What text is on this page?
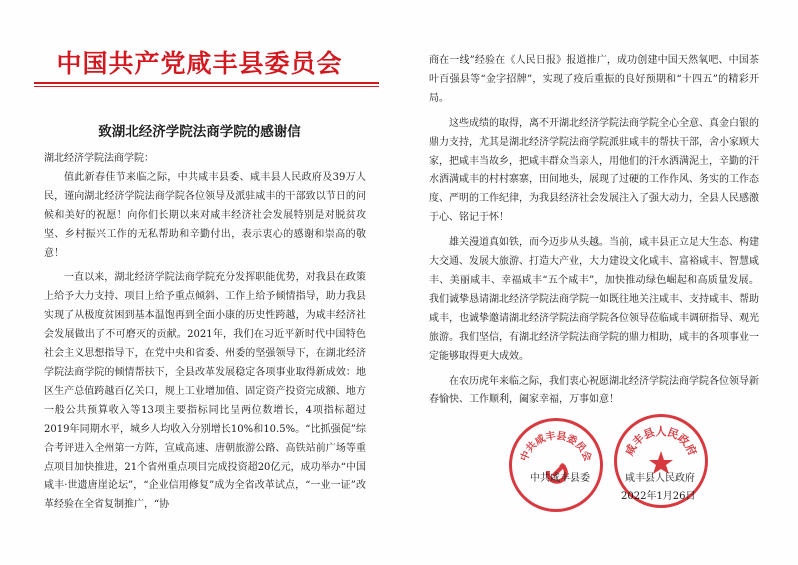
中国共产党咸丰县委员会
致湖北经济学院法商学院的感谢信

湖北经济学院法商学院：

值此新春佳节来临之际，中共咸丰县委、咸丰县人民政府及39万人民，谨向湖北经济学院法商学院各位领导及派驻咸丰的干部致以节日的问候和美好的祝愿！向你们长期以来对咸丰经济社会发展特别是对脱贫攻坚、乡村振兴工作的无私帮助和辛勤付出，表示衷心的感谢和崇高的敬意！

一直以来，湖北经济学院法商学院充分发挥职能优势，对我县在政策上给予大力支持、项目上给予重点倾斜、工作上给予倾情指导，助力我县实现了从极度贫困到基本温饱再到全面小康的历史性跨越，为咸丰经济社会发展做出了不可磨灭的贡献。2021年，我们在习近平新时代中国特色社会主义思想指导下，在党中央和省委、州委的坚强领导下，在湖北经济学院法商学院的倾情帮扶下，全县改革发展稳定各项事业取得新成效：地区生产总值跨越百亿关口，规上工业增加值、固定资产投资完成额、地方一般公共预算收入等13项主要指标同比呈两位数增长，4项指标超过2019年同期水平，城乡人均收入分别增长10%和10.5%。“比抓强促”综合考评进入全州第一方阵，宣咸高速、唐朝旅游公路、高铁站前广场等重点项目加快推进，21个省州重点项目完成投资超20亿元，成功举办“中国咸丰·世遗唐崖论坛”，“企业信用修复”成为全省改革试点，“一业一证”改革经验在全省复制推广，“协

商在一线”经验在《人民日报》报道推广，成功创建中国天然氧吧、中国茶叶百强县等“金字招牌”，实现了疫后重振的良好预期和“十四五”的精彩开局。

这些成绩的取得，离不开湖北经济学院法商学院全心全意、真金白银的鼎力支持，尤其是湖北经济学院法商学院派驻咸丰的帮扶干部，舍小家顾大家，把咸丰当故乡，把咸丰群众当亲人，用他们的汗水洒满泥土，辛勤的汗水洒满咸丰的村村寨寨，田间地头，展现了过硬的工作作风、务实的工作态度、严明的工作纪律，为我县经济社会发展注入了强大动力，全县人民感激于心、铭记于怀！

雄关漫道真如铁，而今迈步从头越。当前，咸丰县正立足大生态、构建大交通、发展大旅游、打造大产业，大力建设文化咸丰、富裕咸丰、智慧咸丰、美丽咸丰、幸福咸丰“五个咸丰”，加快推动绿色崛起和高质量发展。我们诚挚恳请湖北经济学院法商学院一如既往地关注咸丰、支持咸丰、帮助咸丰，也诚挚邀请湖北经济学院法商学院各位领导莅临咸丰调研指导、观光旅游。我们坚信，有湖北经济学院法商学院的鼎力相助，咸丰的各项事业一定能够取得更大成效。

在农历虎年来临之际，我们衷心祝愿湖北经济学院法商学院各位领导新春愉快、工作顺利，阖家幸福，万事如意！

中共咸丰县委员会	咸丰县人民政府
中共咸丰县委	咸丰县人民政府
2022年1月26日
